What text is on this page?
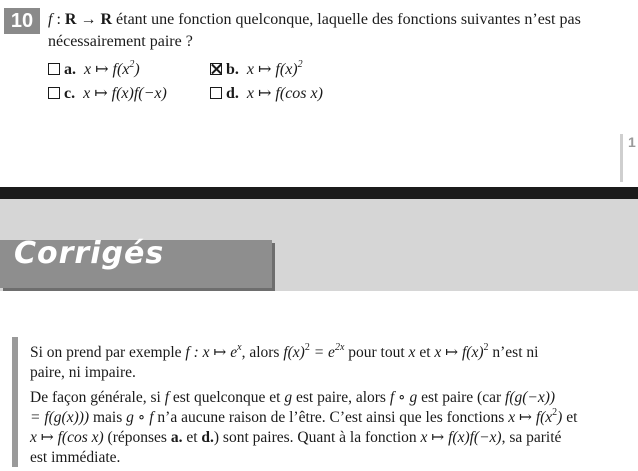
10 f : R → R étant une fonction quelconque, laquelle des fonctions suivantes n’est pas
nécessairement paire ?
a. x ↦ $f(x^2)$	b. x ↦ $f(x)^2$
c. x ↦ f(x)f(−x)	d. x ↦ f(cos x)
1
Corrigés
Si on prend par exemple f : x ↦ $e^x$, alors $f(x)^2 = e^{2x}$ pour tout x et x ↦ $f(x)^2$ n’est ni
paire, ni impaire.
De façon générale, si f est quelconque et g est paire, alors f ∘ g est paire (car f(g(−x))
= f(g(x))) mais g ∘ f n’a aucune raison de l’être. C’est ainsi que les fonctions x ↦ $f(x^2)$ et
x ↦ f(cos x) (réponses a. et d.) sont paires. Quant à la fonction x ↦ f(x)f(−x), sa parité
est immédiate.
